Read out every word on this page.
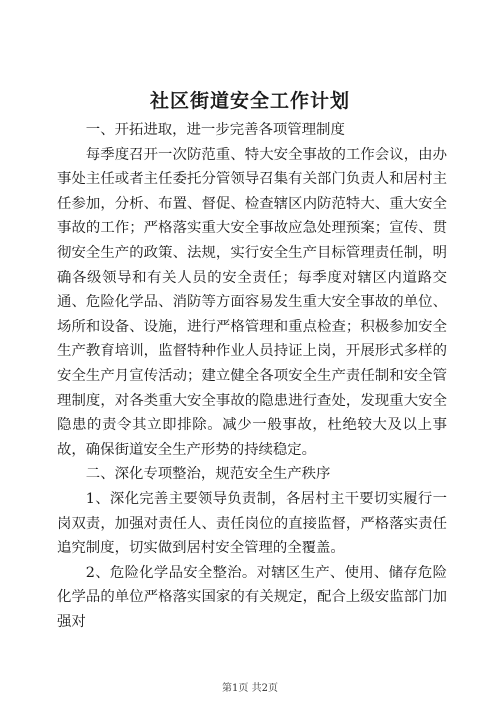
社区街道安全工作计划

一、开拓进取，进一步完善各项管理制度

每季度召开一次防范重、特大安全事故的工作会议，由办事处主任或者主任委托分管领导召集有关部门负责人和居村主任参加，分析、布置、督促、检查辖区内防范特大、重大安全事故的工作；严格落实重大安全事故应急处理预案；宣传、贯彻安全生产的政策、法规，实行安全生产目标管理责任制，明确各级领导和有关人员的安全责任；每季度对辖区内道路交通、危险化学品、消防等方面容易发生重大安全事故的单位、场所和设备、设施，进行严格管理和重点检查；积极参加安全生产教育培训，监督特种作业人员持证上岗，开展形式多样的安全生产月宣传活动；建立健全各项安全生产责任制和安全管理制度，对各类重大安全事故的隐患进行查处，发现重大安全隐患的责令其立即排除。减少一般事故，杜绝较大及以上事故，确保街道安全生产形势的持续稳定。

二、深化专项整治，规范安全生产秩序

1、深化完善主要领导负责制，各居村主干要切实履行一岗双责，加强对责任人、责任岗位的直接监督，严格落实责任追究制度，切实做到居村安全管理的全覆盖。

2、危险化学品安全整治。对辖区生产、使用、储存危险化学品的单位严格落实国家的有关规定，配合上级安监部门加强对

第1页 共2页
